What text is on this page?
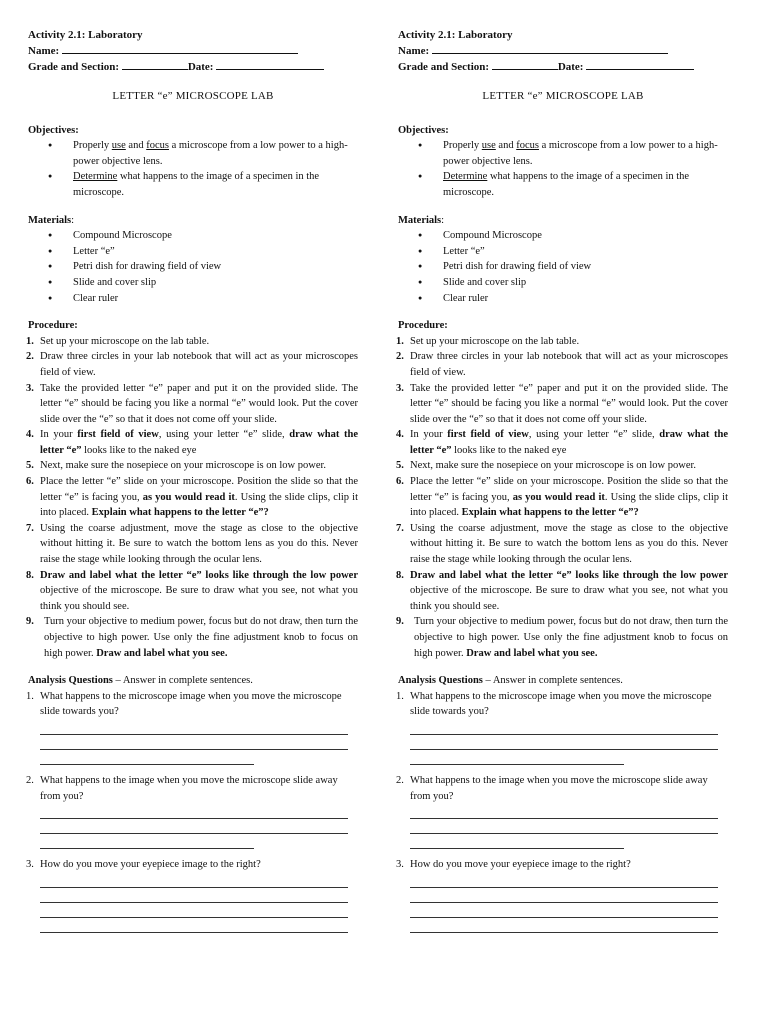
Activity 2.1: Laboratory
Name:
Grade and Section:	Date:
LETTER “e” MICROSCOPE LAB
Objectives:
● Properly use and focus a microscope from a low power to a high-power objective lens.
● Determine what happens to the image of a specimen in the microscope.
Materials:
● Compound Microscope
● Letter “e”
● Petri dish for drawing field of view
● Slide and cover slip
● Clear ruler
Procedure:
1. Set up your microscope on the lab table.
2. Draw three circles in your lab notebook that will act as your microscopes field of view.
3. Take the provided letter “e” paper and put it on the provided slide. The letter “e” should be facing you like a normal “e” would look. Put the cover slide over the “e” so that it does not come off your slide.
4. In your first field of view, using your letter “e” slide, draw what the letter “e” looks like to the naked eye
5. Next, make sure the nosepiece on your microscope is on low power.
6. Place the letter “e” slide on your microscope. Position the slide so that the letter “e” is facing you, as you would read it. Using the slide clips, clip it into placed. Explain what happens to the letter “e”?
7. Using the coarse adjustment, move the stage as close to the objective without hitting it. Be sure to watch the bottom lens as you do this. Never raise the stage while looking through the ocular lens.
8. Draw and label what the letter “e” looks like through the low power objective of the microscope. Be sure to draw what you see, not what you think you should see.
9. Turn your objective to medium power, focus but do not draw, then turn the objective to high power. Use only the fine adjustment knob to focus on high power. Draw and label what you see.
Analysis Questions – Answer in complete sentences.
1. What happens to the microscope image when you move the microscope slide towards you?
2. What happens to the image when you move the microscope slide away from you?
3. How do you move your eyepiece image to the right?
Activity 2.1: Laboratory
Name:
Grade and Section:	Date:
LETTER “e” MICROSCOPE LAB
Objectives:
● Properly use and focus a microscope from a low power to a high-power objective lens.
● Determine what happens to the image of a specimen in the microscope.
Materials:
● Compound Microscope
● Letter “e”
● Petri dish for drawing field of view
● Slide and cover slip
● Clear ruler
Procedure:
1. Set up your microscope on the lab table.
2. Draw three circles in your lab notebook that will act as your microscopes field of view.
3. Take the provided letter “e” paper and put it on the provided slide. The letter “e” should be facing you like a normal “e” would look. Put the cover slide over the “e” so that it does not come off your slide.
4. In your first field of view, using your letter “e” slide, draw what the letter “e” looks like to the naked eye
5. Next, make sure the nosepiece on your microscope is on low power.
6. Place the letter “e” slide on your microscope. Position the slide so that the letter “e” is facing you, as you would read it. Using the slide clips, clip it into placed. Explain what happens to the letter “e”?
7. Using the coarse adjustment, move the stage as close to the objective without hitting it. Be sure to watch the bottom lens as you do this. Never raise the stage while looking through the ocular lens.
8. Draw and label what the letter “e” looks like through the low power objective of the microscope. Be sure to draw what you see, not what you think you should see.
9. Turn your objective to medium power, focus but do not draw, then turn the objective to high power. Use only the fine adjustment knob to focus on high power. Draw and label what you see.
Analysis Questions – Answer in complete sentences.
1. What happens to the microscope image when you move the microscope slide towards you?
2. What happens to the image when you move the microscope slide away from you?
3. How do you move your eyepiece image to the right?
